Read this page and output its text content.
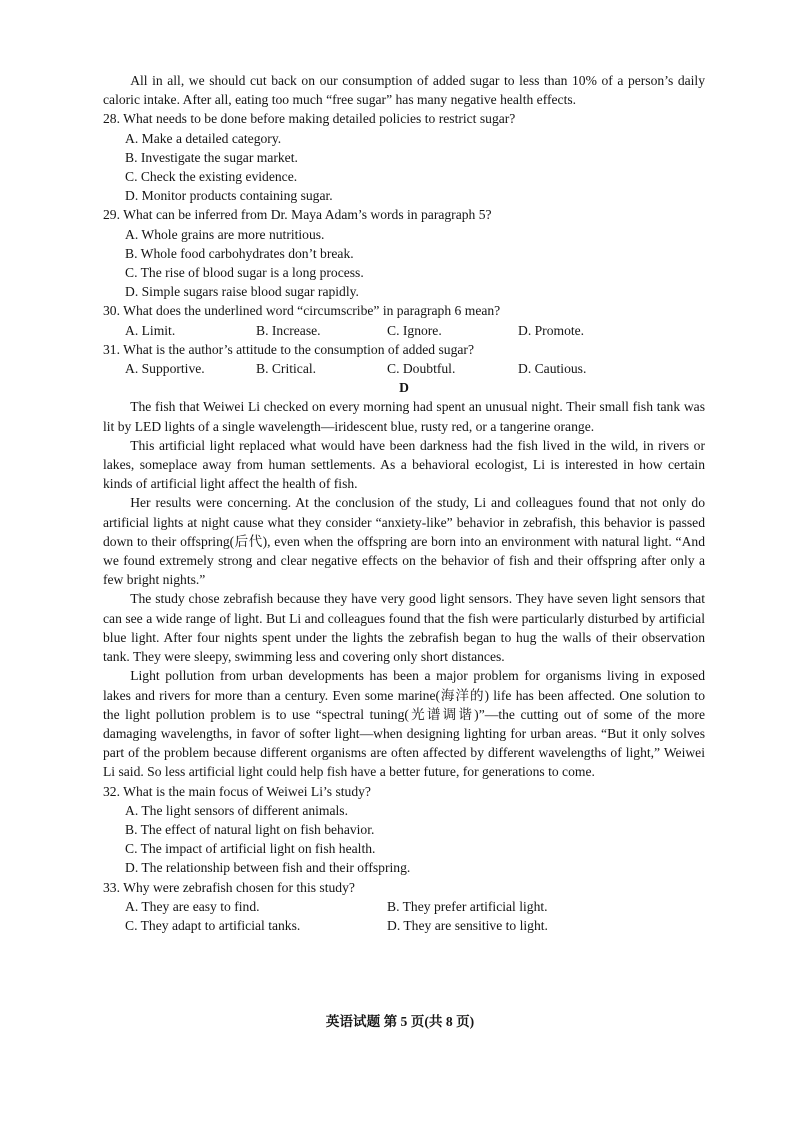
All in all, we should cut back on our consumption of added sugar to less than 10% of a person’s daily caloric intake. After all, eating too much “free sugar” has many negative health effects.

28. What needs to be done before making detailed policies to restrict sugar?

A. Make a detailed category.

B. Investigate the sugar market.

C. Check the existing evidence.

D. Monitor products containing sugar.

29. What can be inferred from Dr. Maya Adam’s words in paragraph 5?

A. Whole grains are more nutritious.

B. Whole food carbohydrates don’t break.

C. The rise of blood sugar is a long process.

D. Simple sugars raise blood sugar rapidly.

30. What does the underlined word “circumscribe” in paragraph 6 mean?

A. Limit.	B. Increase.	C. Ignore.	D. Promote.

31. What is the author’s attitude to the consumption of added sugar?

A. Supportive.	B. Critical.	C. Doubtful.	D. Cautious.

D

The fish that Weiwei Li checked on every morning had spent an unusual night. Their small fish tank was lit by LED lights of a single wavelength—iridescent blue, rusty red, or a tangerine orange.

This artificial light replaced what would have been darkness had the fish lived in the wild, in rivers or lakes, someplace away from human settlements. As a behavioral ecologist, Li is interested in how certain kinds of artificial light affect the health of fish.

Her results were concerning. At the conclusion of the study, Li and colleagues found that not only do artificial lights at night cause what they consider “anxiety-like” behavior in zebrafish, this behavior is passed down to their offspring(后代), even when the offspring are born into an environment with natural light. “And we found extremely strong and clear negative effects on the behavior of fish and their offspring after only a few bright nights.”

The study chose zebrafish because they have very good light sensors. They have seven light sensors that can see a wide range of light. But Li and colleagues found that the fish were particularly disturbed by artificial blue light. After four nights spent under the lights the zebrafish began to hug the walls of their observation tank. They were sleepy, swimming less and covering only short distances.

Light pollution from urban developments has been a major problem for organisms living in exposed lakes and rivers for more than a century. Even some marine(海洋的) life has been affected. One solution to the light pollution problem is to use “spectral tuning(光谱调谐)”—the cutting out of some of the more damaging wavelengths, in favor of softer light—when designing lighting for urban areas. “But it only solves part of the problem because different organisms are often affected by different wavelengths of light,” Weiwei Li said. So less artificial light could help fish have a better future, for generations to come.

32. What is the main focus of Weiwei Li’s study?

A. The light sensors of different animals.

B. The effect of natural light on fish behavior.

C. The impact of artificial light on fish health.

D. The relationship between fish and their offspring.

33. Why were zebrafish chosen for this study?

A. They are easy to find.	B. They prefer artificial light.

C. They adapt to artificial tanks.	D. They are sensitive to light.

英语试题 第 5 页(共 8 页)
